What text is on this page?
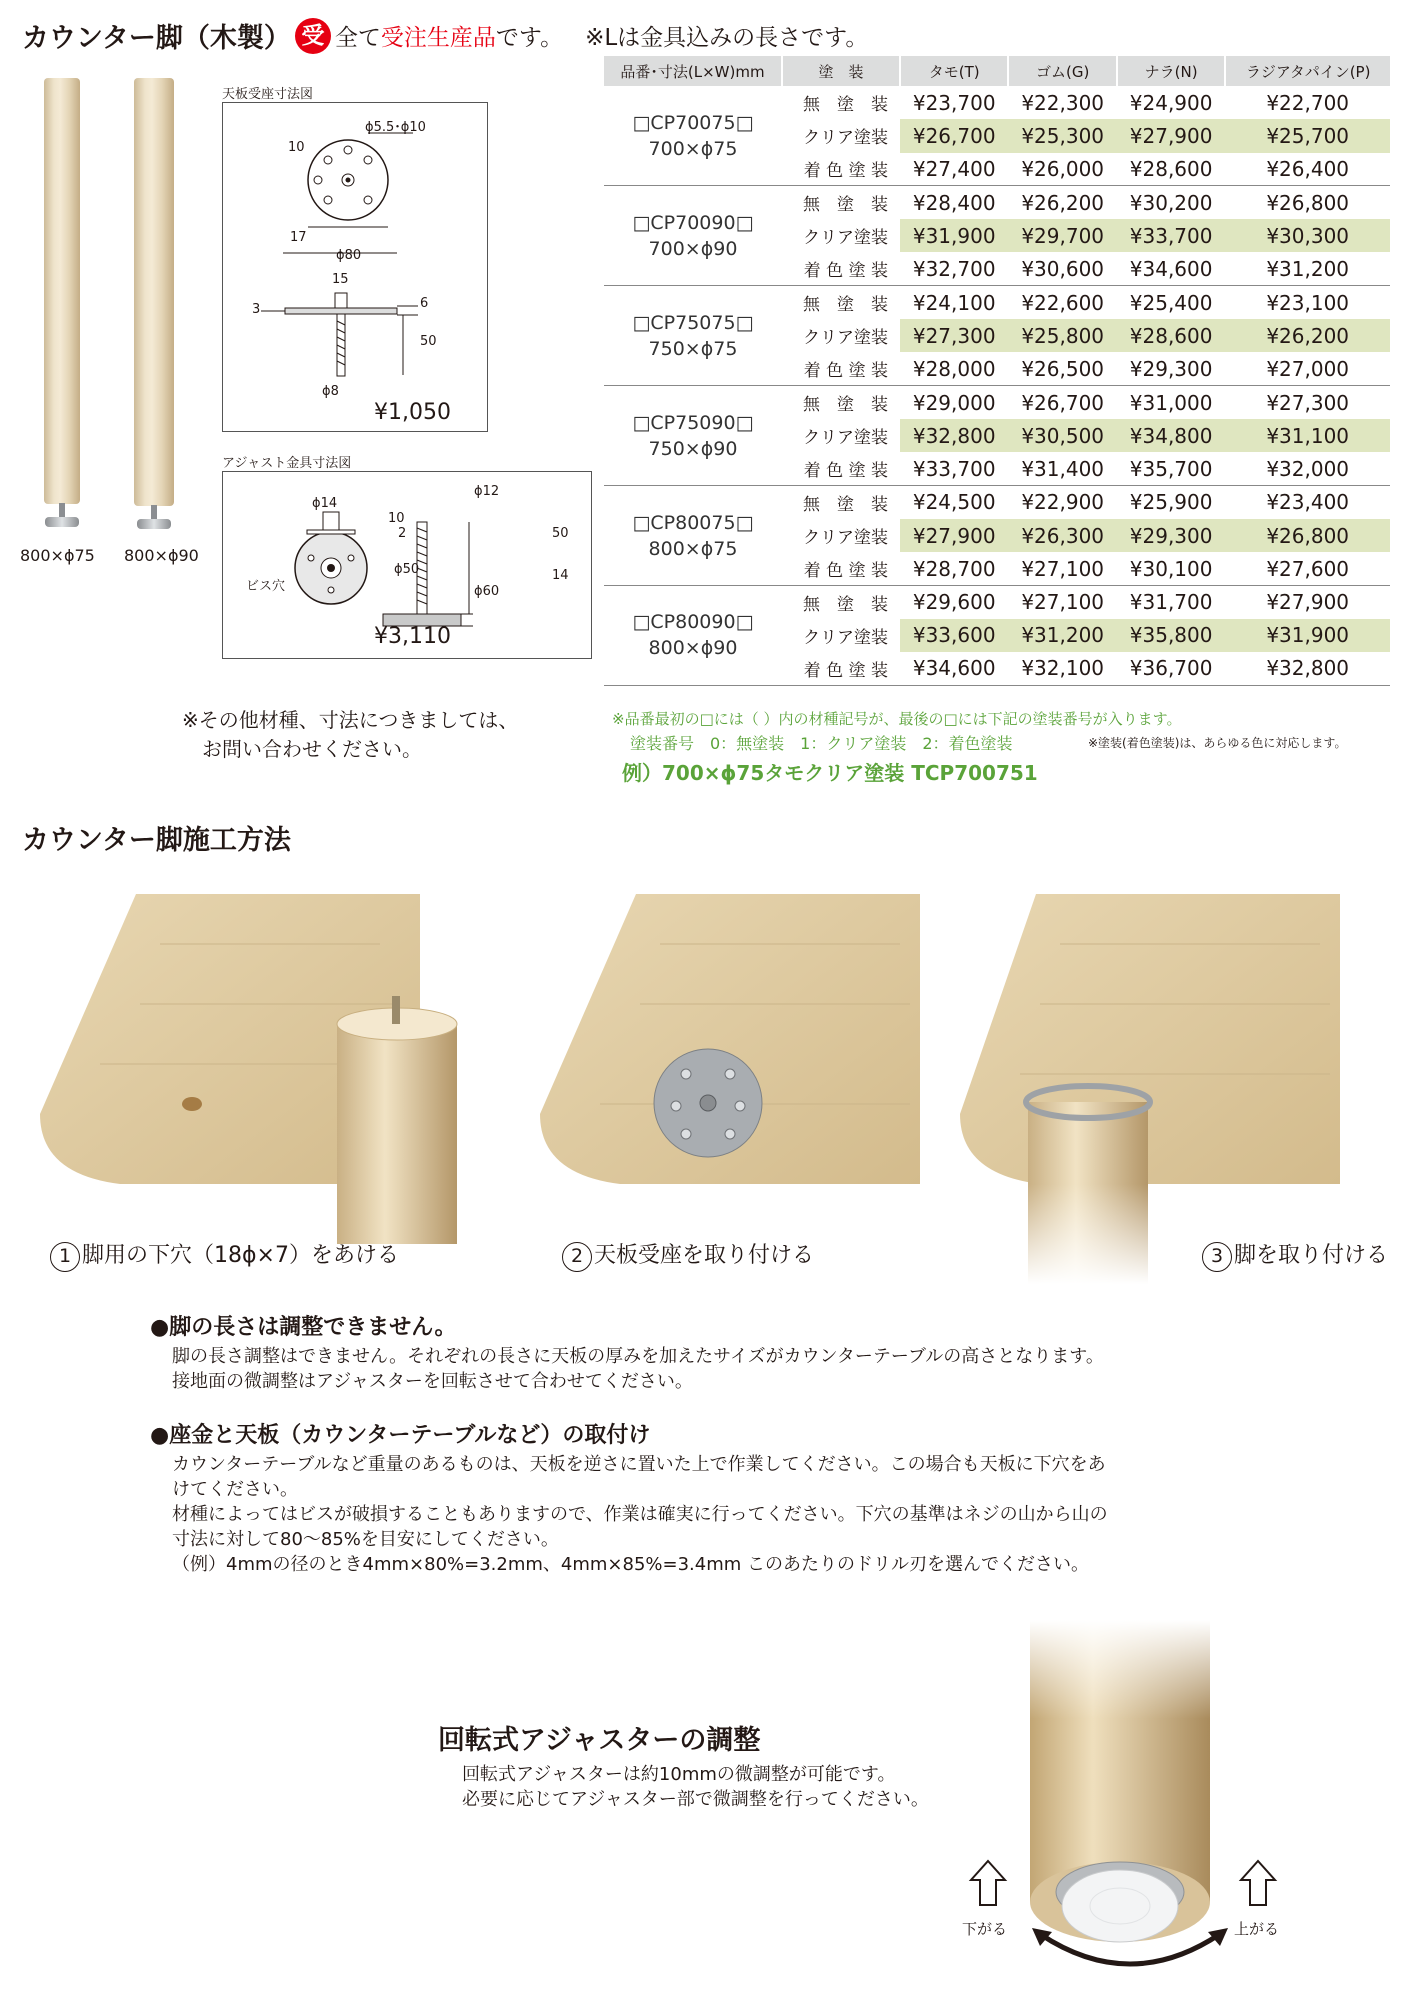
カウンター脚（木製） 受 全て 受注生産品 です。 ※Lは金具込みの長さです。
800×ϕ75 800×ϕ90
天板受座寸法図
ϕ5.5･ϕ10
10
17
ϕ80
15
3	6
50
ϕ8
¥1,050
アジャスト金具寸法図
ϕ14
10
2
ビス穴
ϕ50
ϕ12
50
14
ϕ60
¥3,110
品番･寸法(L×W)mm	塗　装	タモ(T)	ゴム(G)	ナラ(N)	ラジアタパイン(P)

□CP70075□
700×ϕ75	無　塗　装	¥23,700	¥22,300	¥24,900	¥22,700
	クリア塗装	¥26,700	¥25,300	¥27,900	¥25,700
	着 色 塗 装	¥27,400	¥26,000	¥28,600	¥26,400

□CP70090□
700×ϕ90	無　塗　装	¥28,400	¥26,200	¥30,200	¥26,800
	クリア塗装	¥31,900	¥29,700	¥33,700	¥30,300
	着 色 塗 装	¥32,700	¥30,600	¥34,600	¥31,200

□CP75075□
750×ϕ75	無　塗　装	¥24,100	¥22,600	¥25,400	¥23,100
	クリア塗装	¥27,300	¥25,800	¥28,600	¥26,200
	着 色 塗 装	¥28,000	¥26,500	¥29,300	¥27,000

□CP75090□
750×ϕ90	無　塗　装	¥29,000	¥26,700	¥31,000	¥27,300
	クリア塗装	¥32,800	¥30,500	¥34,800	¥31,100
	着 色 塗 装	¥33,700	¥31,400	¥35,700	¥32,000

□CP80075□
800×ϕ75	無　塗　装	¥24,500	¥22,900	¥25,900	¥23,400
	クリア塗装	¥27,900	¥26,300	¥29,300	¥26,800
	着 色 塗 装	¥28,700	¥27,100	¥30,100	¥27,600

□CP80090□
800×ϕ90	無　塗　装	¥29,600	¥27,100	¥31,700	¥27,900
	クリア塗装	¥33,600	¥31,200	¥35,800	¥31,900
	着 色 塗 装	¥34,600	¥32,100	¥36,700	¥32,800
※その他材種、寸法につきましては、
お問い合わせください。
※品番最初の□には（ ）内の材種記号が、最後の□には下記の塗装番号が入ります。
塗装番号　0：無塗装　1：クリア塗装　2：着色塗装	※塗装(着色塗装)は、あらゆる色に対応します。
例）700×ϕ75タモクリア塗装 TCP700751
カウンター脚施工方法
1 脚用の下穴（18ϕ×7）をあける	2 天板受座を取り付ける	3 脚を取り付ける
●脚の長さは調整できません。
脚の長さ調整はできません。それぞれの長さに天板の厚みを加えたサイズがカウンターテーブルの高さとなります。
接地面の微調整はアジャスターを回転させて合わせてください。
●座金と天板（カウンターテーブルなど）の取付け
カウンターテーブルなど重量のあるものは、天板を逆さに置いた上で作業してください。この場合も天板に下穴をあ
けてください。
材種によってはビスが破損することもありますので、作業は確実に行ってください。下穴の基準はネジの山から山の
寸法に対して80～85%を目安にしてください。
（例）4mmの径のとき4mm×80%=3.2mm、4mm×85%=3.4mm このあたりのドリル刃を選んでください。
回転式アジャスターの調整
回転式アジャスターは約10mmの微調整が可能です。
必要に応じてアジャスター部で微調整を行ってください。
下がる	上がる
